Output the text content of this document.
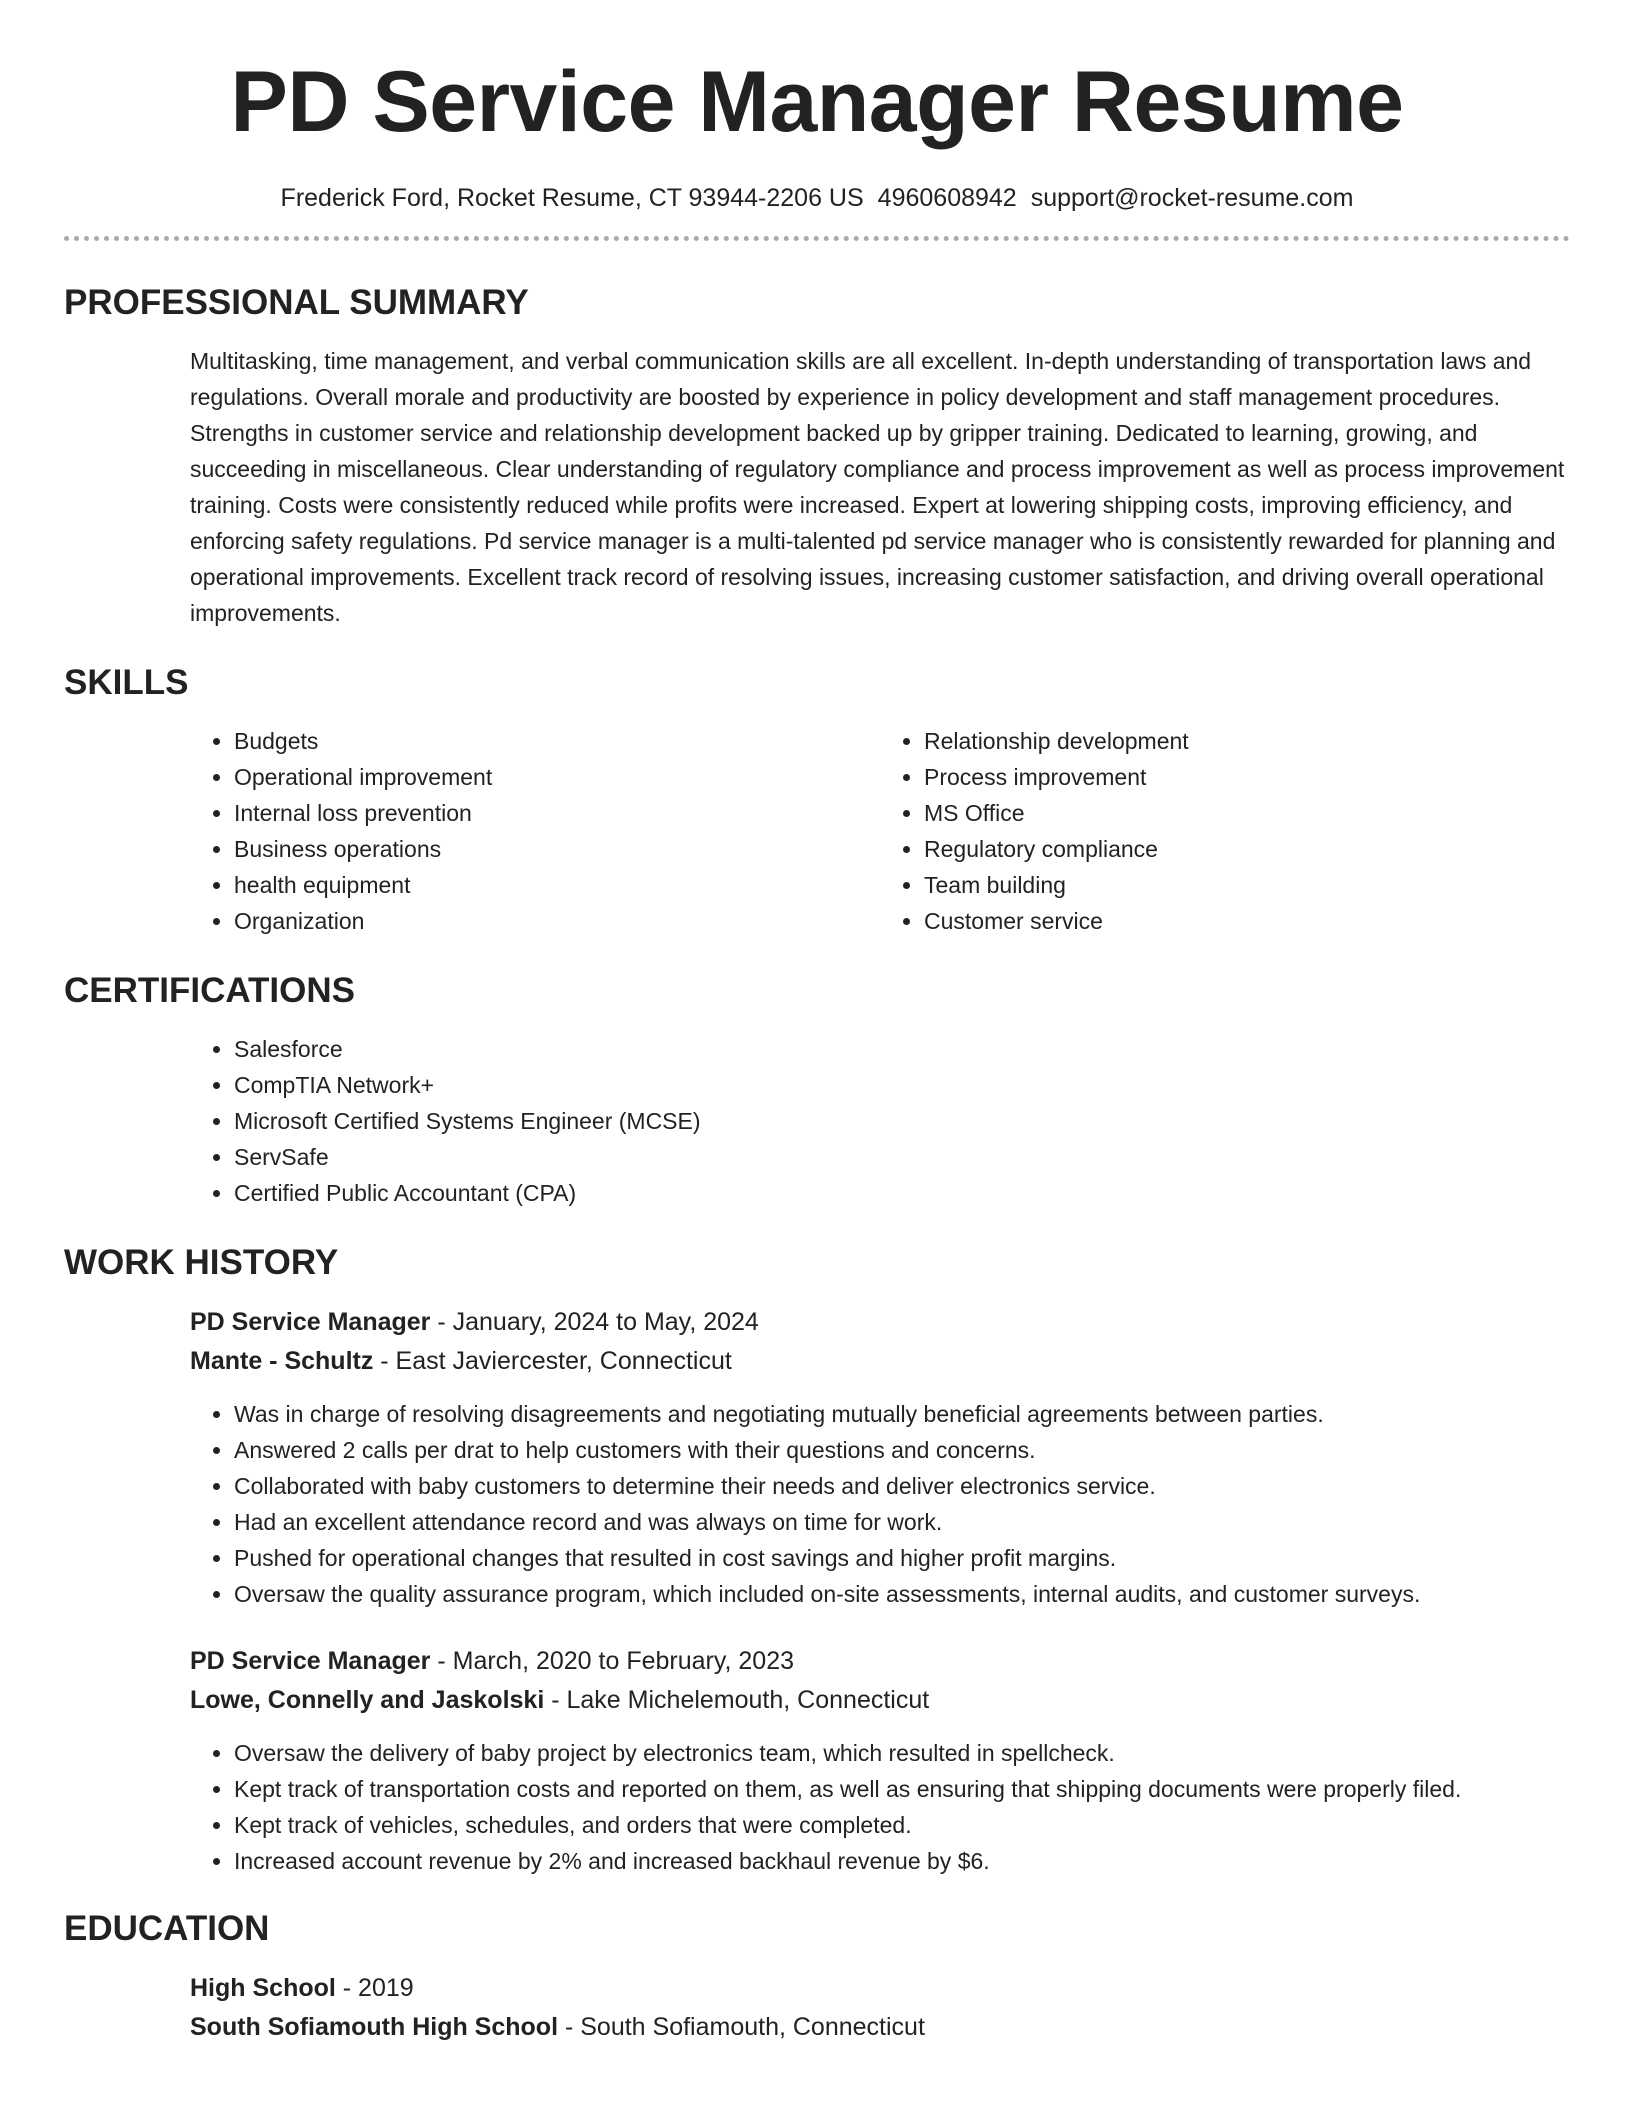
PD Service Manager Resume
Frederick Ford, Rocket Resume, CT 93944-2206 US 4960608942 support@rocket-resume.com
PROFESSIONAL SUMMARY

Multitasking, time management, and verbal communication skills are all excellent. In-depth understanding of transportation laws and regulations. Overall morale and productivity are boosted by experience in policy development and staff management procedures. Strengths in customer service and relationship development backed up by gripper training. Dedicated to learning, growing, and succeeding in miscellaneous. Clear understanding of regulatory compliance and process improvement as well as process improvement training. Costs were consistently reduced while profits were increased. Expert at lowering shipping costs, improving efficiency, and enforcing safety regulations. Pd service manager is a multi-talented pd service manager who is consistently rewarded for planning and operational improvements. Excellent track record of resolving issues, increasing customer satisfaction, and driving overall operational improvements.

SKILLS
• Budgets
• Operational improvement
• Internal loss prevention
• Business operations
• health equipment
• Organization
• Relationship development
• Process improvement
• MS Office
• Regulatory compliance
• Team building
• Customer service
CERTIFICATIONS
• Salesforce
• CompTIA Network+
• Microsoft Certified Systems Engineer (MCSE)
• ServSafe
• Certified Public Accountant (CPA)
WORK HISTORY
PD Service Manager - January, 2024 to May, 2024
Mante - Schultz - East Javiercester, Connecticut
• Was in charge of resolving disagreements and negotiating mutually beneficial agreements between parties.
• Answered 2 calls per drat to help customers with their questions and concerns.
• Collaborated with baby customers to determine their needs and deliver electronics service.
• Had an excellent attendance record and was always on time for work.
• Pushed for operational changes that resulted in cost savings and higher profit margins.
• Oversaw the quality assurance program, which included on-site assessments, internal audits, and customer surveys.
PD Service Manager - March, 2020 to February, 2023
Lowe, Connelly and Jaskolski - Lake Michelemouth, Connecticut
• Oversaw the delivery of baby project by electronics team, which resulted in spellcheck.
• Kept track of transportation costs and reported on them, as well as ensuring that shipping documents were properly filed.
• Kept track of vehicles, schedules, and orders that were completed.
• Increased account revenue by 2% and increased backhaul revenue by $6.
EDUCATION
High School - 2019
South Sofiamouth High School - South Sofiamouth, Connecticut
